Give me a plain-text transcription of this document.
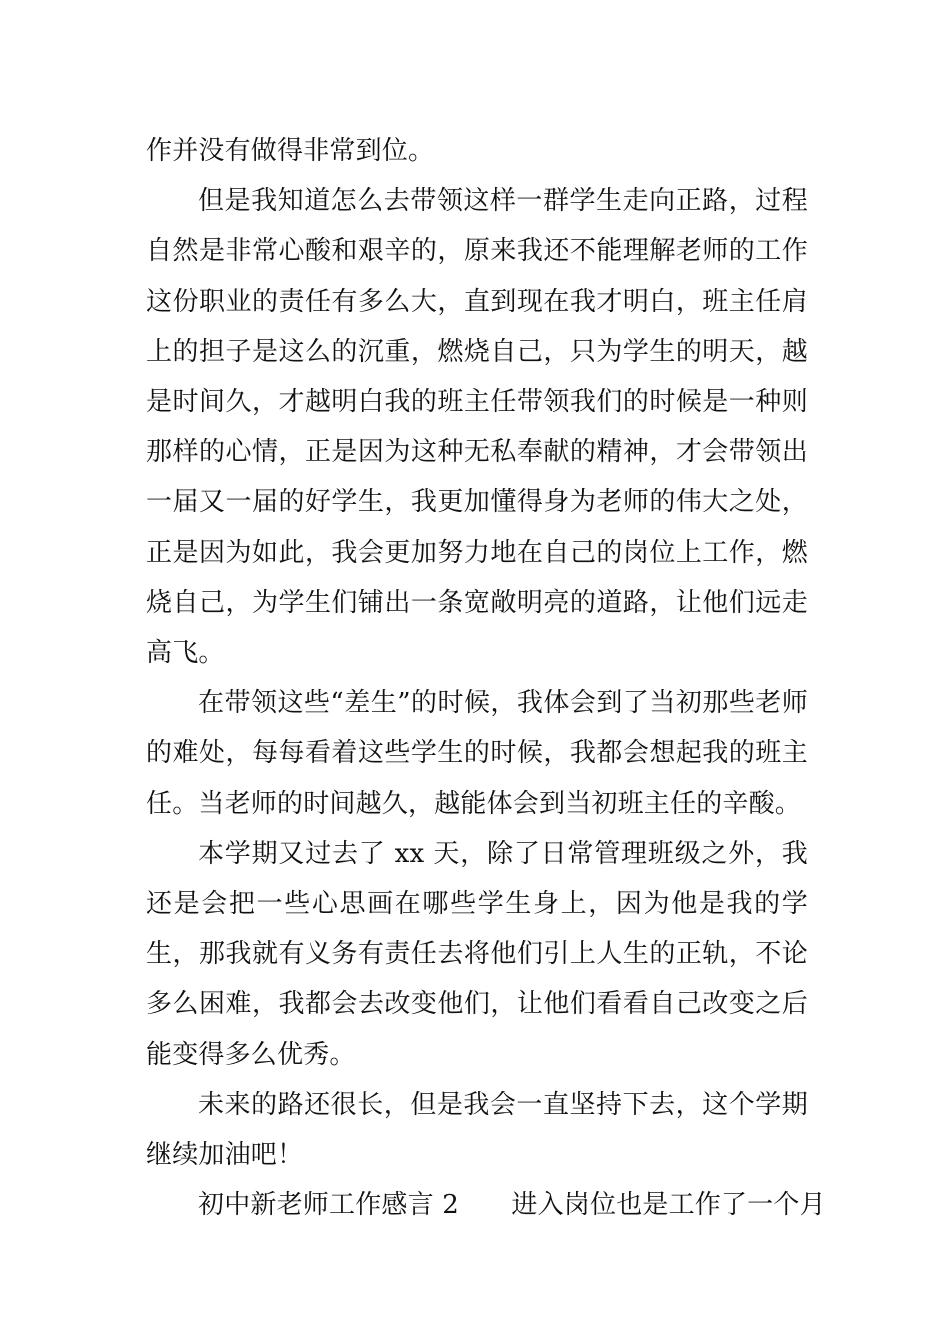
作并没有做得非常到位。

但是我知道怎么去带领这样一群学生走向正路，过程自然是非常心酸和艰辛的，原来我还不能理解老师的工作这份职业的责任有多么大，直到现在我才明白，班主任肩上的担子是这么的沉重，燃烧自己，只为学生的明天，越是时间久，才越明白我的班主任带领我们的时候是一种则那样的心情，正是因为这种无私奉献的精神，才会带领出一届又一届的好学生，我更加懂得身为老师的伟大之处，正是因为如此，我会更加努力地在自己的岗位上工作，燃烧自己，为学生们铺出一条宽敞明亮的道路，让他们远走高飞。

在带领这些“差生”的时候，我体会到了当初那些老师的难处，每每看着这些学生的时候，我都会想起我的班主任。当老师的时间越久，越能体会到当初班主任的辛酸。

本学期又过去了 xx 天，除了日常管理班级之外，我还是会把一些心思画在哪些学生身上，因为他是我的学生，那我就有义务有责任去将他们引上人生的正轨，不论多么困难，我都会去改变他们，让他们看看自己改变之后能变得多么优秀。

未来的路还很长，但是我会一直坚持下去，这个学期继续加油吧！

初中新老师工作感言 2　　进入岗位也是工作了一个月
